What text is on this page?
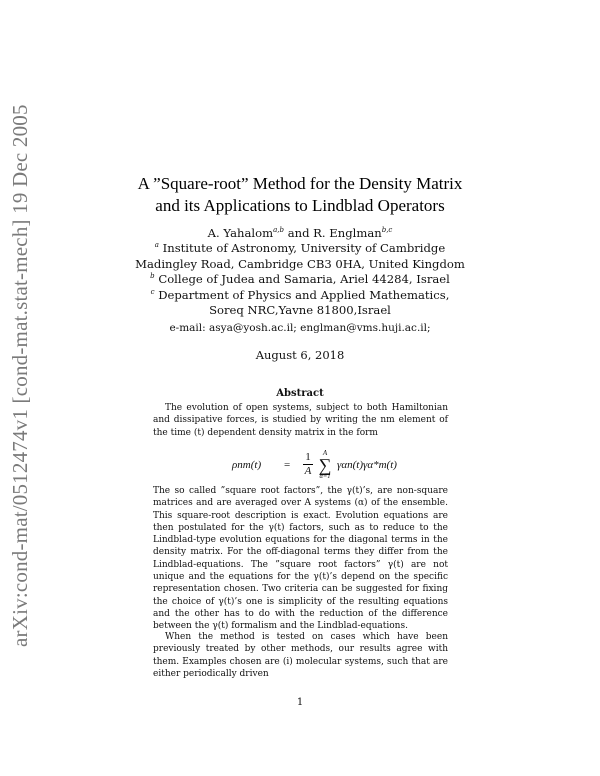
arXiv:cond-mat/0512474v1 [cond-mat.stat-mech] 19 Dec 2005	A ”Square-root” Method for the Density Matrix
and its Applications to Lindblad Operators
A. Yahalom$^{a,b}$ and R. Englman$^{b,c}$
$^a$ Institute of Astronomy, University of Cambridge
Madingley Road, Cambridge CB3 0HA, United Kingdom
$^b$ College of Judea and Samaria, Ariel 44284, Israel
$^c$ Department of Physics and Applied Mathematics,
Soreq NRC,Yavne 81800,Israel
e-mail: asya@yosh.ac.il; englman@vms.huji.ac.il;
August 6, 2018
Abstract
The evolution of open systems, subject to both Hamiltonian and dissipative forces, is studied by writing the nm element of the time (t) dependent density matrix in the form
$\rho nm(t) = \frac{1}{A}$	A
∑
α=1
γαn(t)γα*m(t)
The so called ”square root factors”, the γ(t)’s, are non-square matrices and are averaged over A systems (α) of the ensemble. This square-root description is exact. Evolution equations are then postulated for the γ(t) factors, such as to reduce to the Lindblad-type evolution equations for the diagonal terms in the density matrix. For the off-diagonal terms they differ from the Lindblad-equations. The ”square root factors” γ(t) are not unique and the equations for the γ(t)’s depend on the specific representation chosen. Two criteria can be suggested for fixing the choice of γ(t)’s one is simplicity of the resulting equations and the other has to do with the reduction of the difference between the γ(t) formalism and the Lindblad-equations.
When the method is tested on cases which have been previously treated by other methods, our results agree with them. Examples chosen are (i) molecular systems, such that are either periodically driven
1
